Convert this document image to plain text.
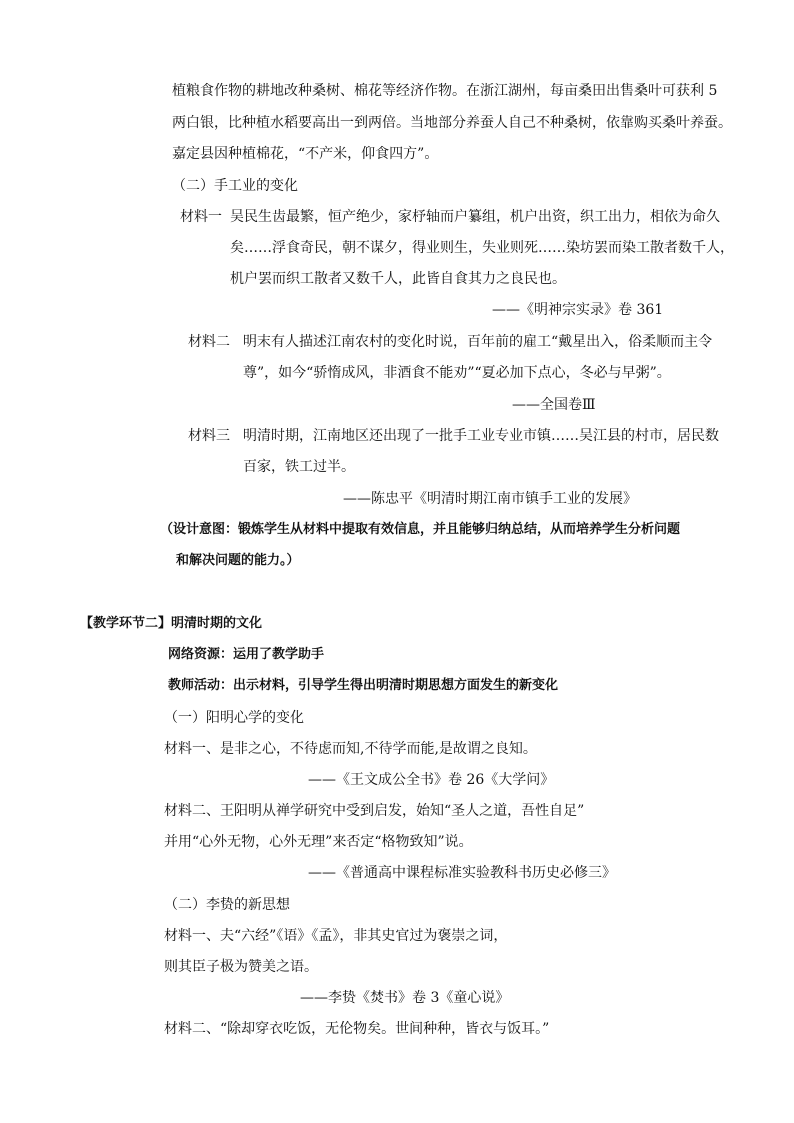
植粮食作物的耕地改种桑树、棉花等经济作物。在浙江湖州，每亩桑田出售桑叶可获利 5
两白银，比种植水稻要高出一到两倍。当地部分养蚕人自己不种桑树，依靠购买桑叶养蚕。
嘉定县因种植棉花，“不产米，仰食四方”。
（二）手工业的变化
材料一 吴民生齿最繁，恒产绝少，家杼轴而户纂组，机户出资，织工出力，相依为命久
矣……浮食奇民，朝不谋夕，得业则生，失业则死……染坊罢而染工散者数千人，
机户罢而织工散者又数千人，此皆自食其力之良民也。
——《明神宗实录》卷 361
材料二 明末有人描述江南农村的变化时说，百年前的雇工“戴星出入，俗柔顺而主令
尊”，如今“骄惰成风，非酒食不能劝”“夏必加下点心，冬必与早粥”。
——全国卷Ⅲ
材料三 明清时期，江南地区还出现了一批手工业专业市镇……吴江县的村市，居民数
百家，铁工过半。
——陈忠平《明清时期江南市镇手工业的发展》
（设计意图：锻炼学生从材料中提取有效信息，并且能够归纳总结，从而培养学生分析问题
和解决问题的能力。）
【教学环节二】明清时期的文化
网络资源：运用了教学助手
教师活动：出示材料，引导学生得出明清时期思想方面发生的新变化
（一）阳明心学的变化
材料一、是非之心，不待虑而知,不待学而能,是故谓之良知。
——《王文成公全书》卷 26《大学问》
材料二、王阳明从禅学研究中受到启发，始知“圣人之道，吾性自足”
并用“心外无物，心外无理”来否定“格物致知”说。
——《普通高中课程标准实验教科书历史必修三》
（二）李贽的新思想
材料一、夫“六经”《语》《孟》，非其史官过为褒崇之词，
则其臣子极为赞美之语。
——李贽《焚书》卷 3《童心说》
材料二、“除却穿衣吃饭，无伦物矣。世间种种，皆衣与饭耳。”
